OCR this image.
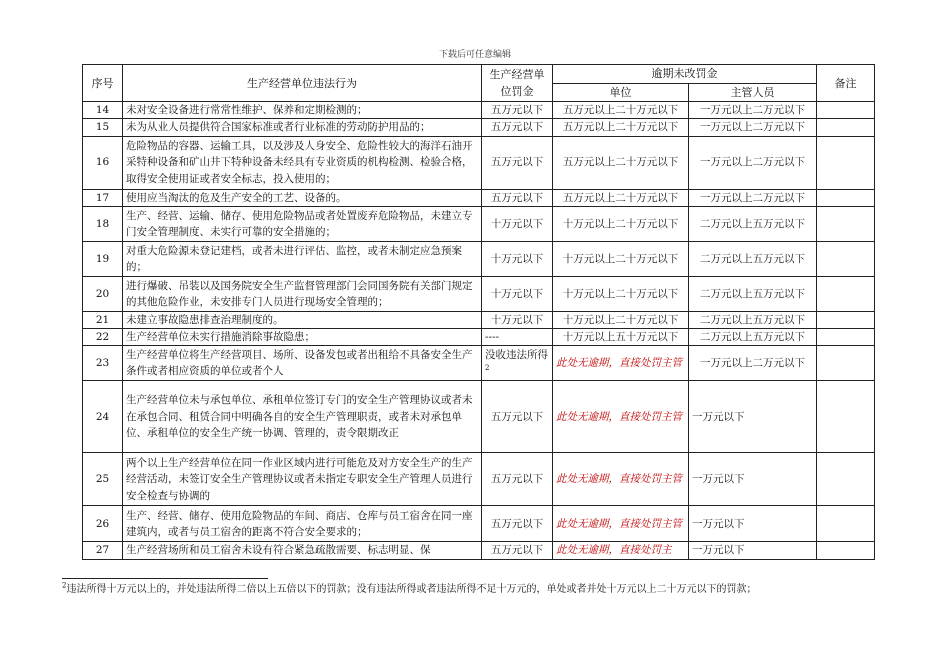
下载后可任意编辑
序号	生产经营单位违法行为	生产经营单位罚金	逾期未改罚金		备注
			单位	主管人员	
14	未对安全设备进行常常性维护、保养和定期检测的；	五万元以下	五万元以上二十万元以下	一万元以上二万元以下	
15	未为从业人员提供符合国家标准或者行业标准的劳动防护用品的；	五万元以下	五万元以上二十万元以下	一万元以上二万元以下	
16	危险物品的容器、运输工具，以及涉及人身安全、危险性较大的海洋石油开采特种设备和矿山井下特种设备未经具有专业资质的机构检测、检验合格，取得安全使用证或者安全标志，投入使用的；	五万元以下	五万元以上二十万元以下	一万元以上二万元以下	
17	使用应当淘汰的危及生产安全的工艺、设备的。	五万元以下	五万元以上二十万元以下	一万元以上二万元以下	
18	生产、经营、运输、储存、使用危险物品或者处置废弃危险物品，未建立专门安全管理制度、未实行可靠的安全措施的；	十万元以下	十万元以上二十万元以下	二万元以上五万元以下	
19	对重大危险源未登记建档，或者未进行评估、监控，或者未制定应急预案的；	十万元以下	十万元以上二十万元以下	二万元以上五万元以下	
20	进行爆破、吊装以及国务院安全生产监督管理部门会同国务院有关部门规定的其他危险作业，未安排专门人员进行现场安全管理的；	十万元以下	十万元以上二十万元以下	二万元以上五万元以下	
21	未建立事故隐患排查治理制度的。	十万元以下	十万元以上二十万元以下	二万元以上五万元以下	
22	生产经营单位未实行措施消除事故隐患；	----	十万元以上五十万元以下	二万元以上五万元以下	
23	生产经营单位将生产经营项目、场所、设备发包或者出租给不具备安全生产条件或者相应资质的单位或者个人	没收违法所得$^2$	此处无逾期，直接处罚主管	一万元以上二万元以下	
24	生产经营单位未与承包单位、承租单位签订专门的安全生产管理协议或者未在承包合同、租赁合同中明确各自的安全生产管理职责，或者未对承包单位、承租单位的安全生产统一协调、管理的，责令限期改正	五万元以下	此处无逾期，直接处罚主管	一万元以下	
25	两个以上生产经营单位在同一作业区域内进行可能危及对方安全生产的生产经营活动，未签订安全生产管理协议或者未指定专职安全生产管理人员进行安全检查与协调的	五万元以下	此处无逾期，直接处罚主管	一万元以下	
26	生产、经营、储存、使用危险物品的车间、商店、仓库与员工宿舍在同一座建筑内，或者与员工宿舍的距离不符合安全要求的；	五万元以下	此处无逾期，直接处罚主管	一万元以下	
27	生产经营场所和员工宿舍未设有符合紧急疏散需要、标志明显、保	五万元以下	此处无逾期，直接处罚主	一万元以下	
$^2$违法所得十万元以上的，并处违法所得二倍以上五倍以下的罚款；没有违法所得或者违法所得不足十万元的，单处或者并处十万元以上二十万元以下的罚款；
